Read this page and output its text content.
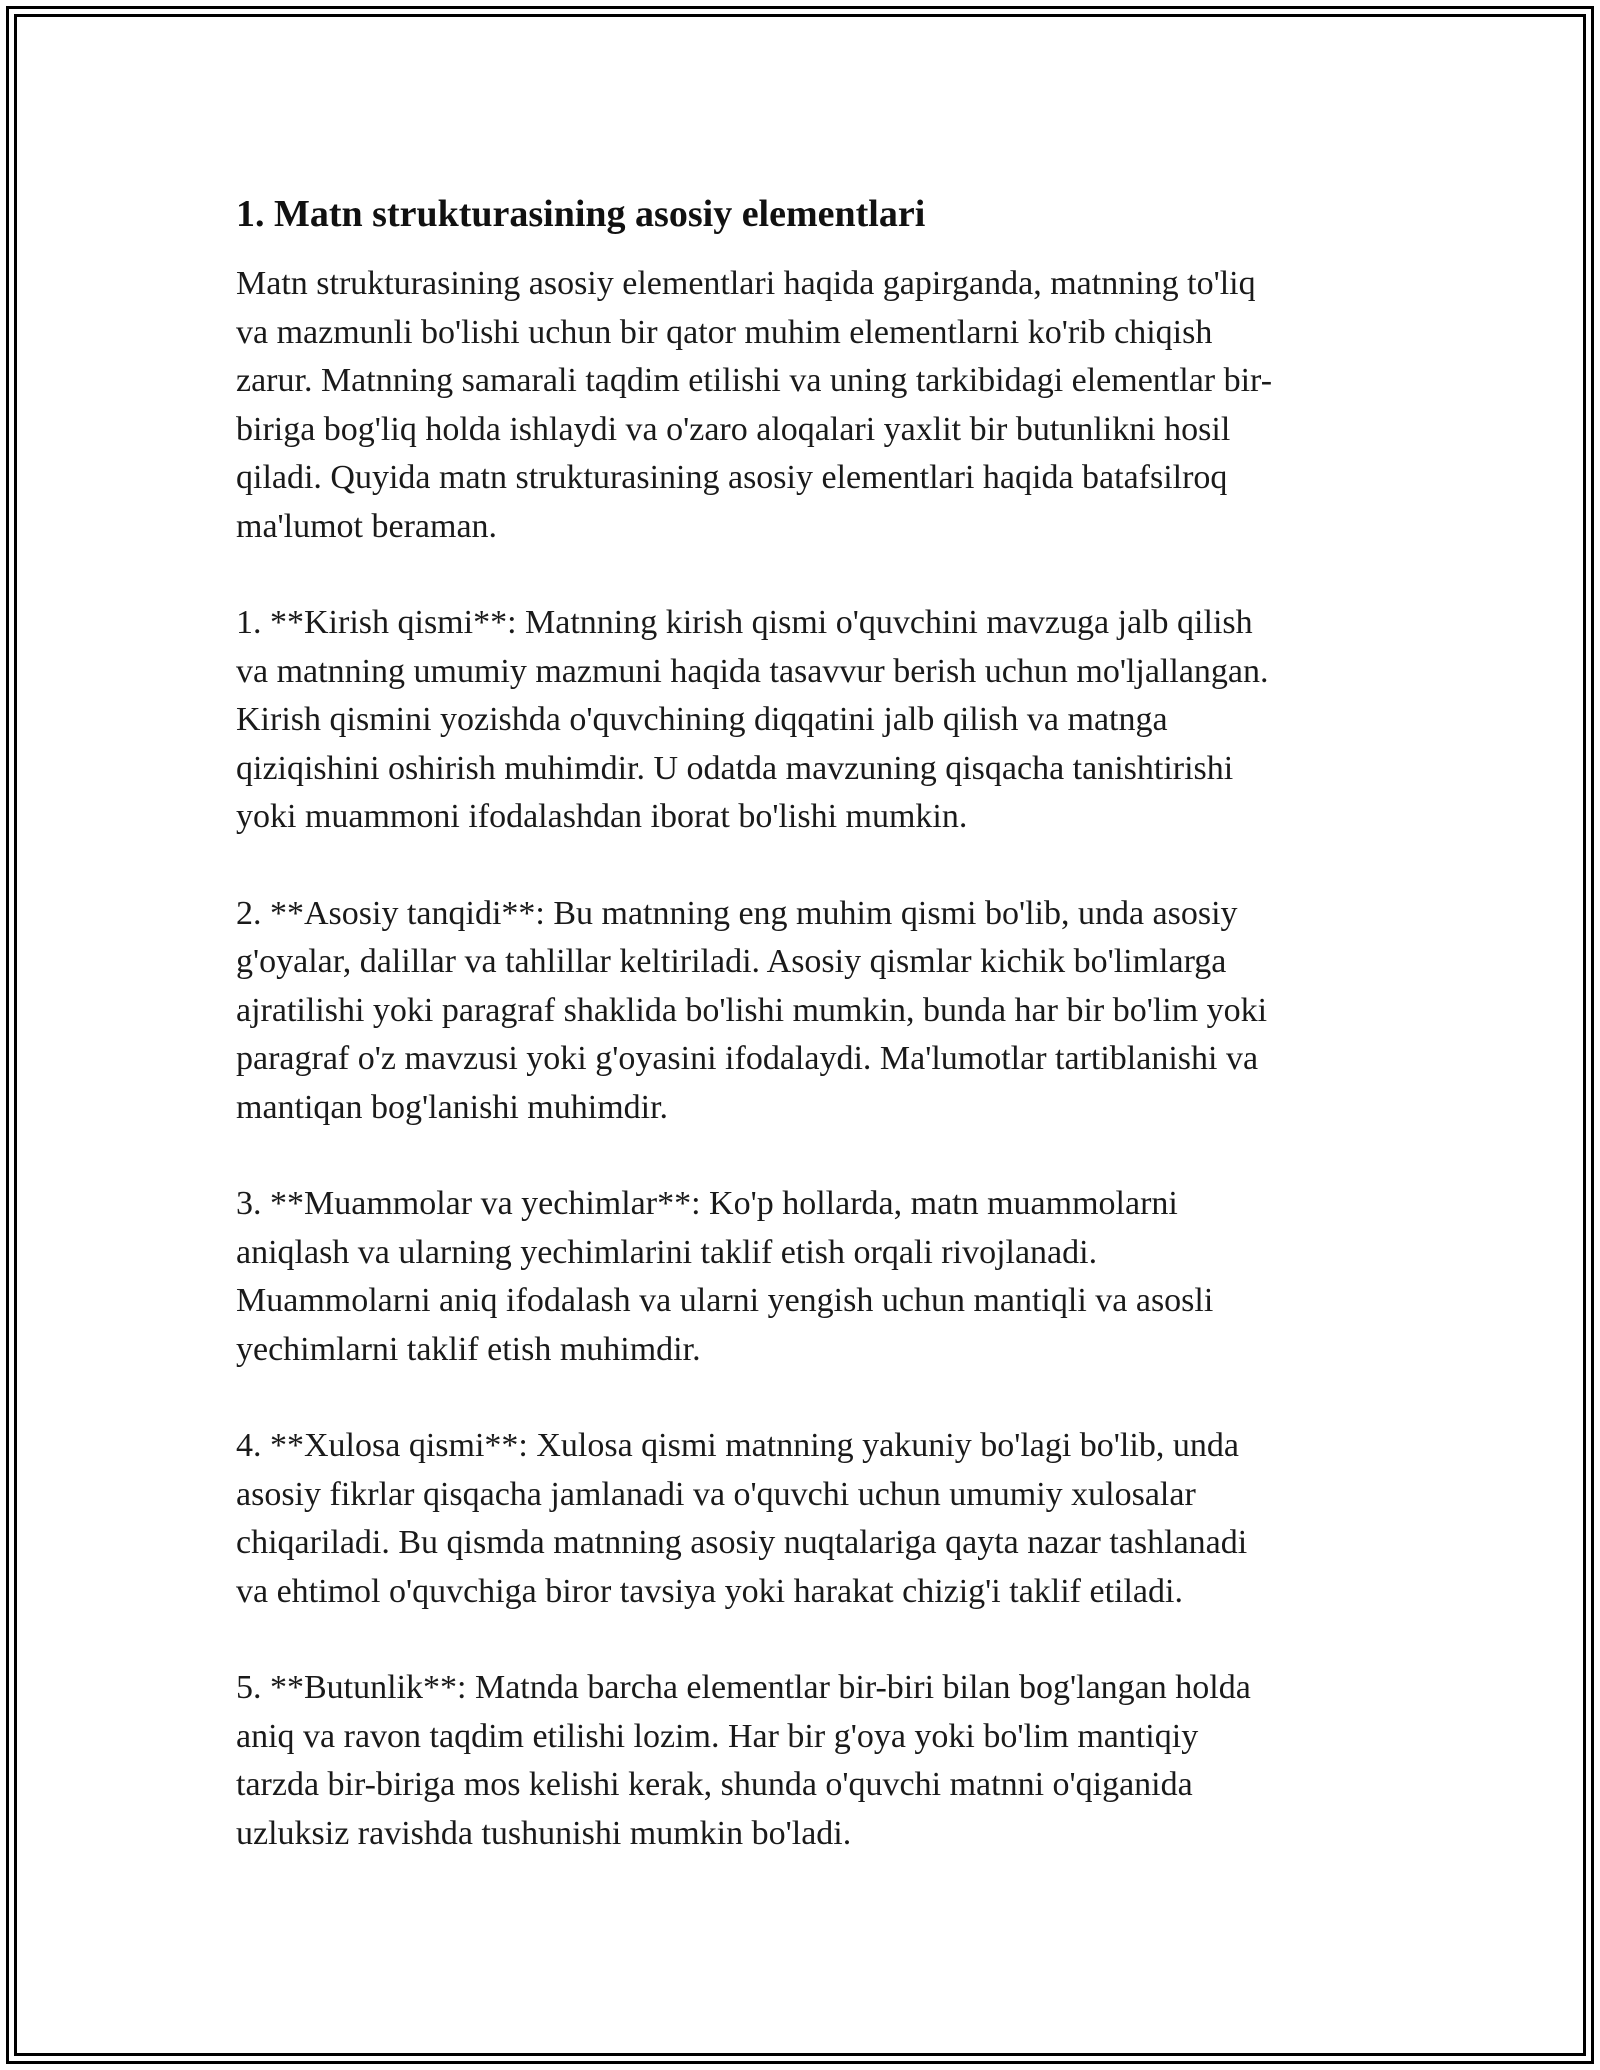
1. Matn strukturasining asosiy elementlari

Matn strukturasining asosiy elementlari haqida gapirganda, matnning to'liq
va mazmunli bo'lishi uchun bir qator muhim elementlarni ko'rib chiqish
zarur. Matnning samarali taqdim etilishi va uning tarkibidagi elementlar bir-
biriga bog'liq holda ishlaydi va o'zaro aloqalari yaxlit bir butunlikni hosil
qiladi. Quyida matn strukturasining asosiy elementlari haqida batafsilroq
ma'lumot beraman.

1. **Kirish qismi**: Matnning kirish qismi o'quvchini mavzuga jalb qilish
va matnning umumiy mazmuni haqida tasavvur berish uchun mo'ljallangan.
Kirish qismini yozishda o'quvchining diqqatini jalb qilish va matnga
qiziqishini oshirish muhimdir. U odatda mavzuning qisqacha tanishtirishi
yoki muammoni ifodalashdan iborat bo'lishi mumkin.

2. **Asosiy tanqidi**: Bu matnning eng muhim qismi bo'lib, unda asosiy
g'oyalar, dalillar va tahlillar keltiriladi. Asosiy qismlar kichik bo'limlarga
ajratilishi yoki paragraf shaklida bo'lishi mumkin, bunda har bir bo'lim yoki
paragraf o'z mavzusi yoki g'oyasini ifodalaydi. Ma'lumotlar tartiblanishi va
mantiqan bog'lanishi muhimdir.

3. **Muammolar va yechimlar**: Ko'p hollarda, matn muammolarni
aniqlash va ularning yechimlarini taklif etish orqali rivojlanadi.
Muammolarni aniq ifodalash va ularni yengish uchun mantiqli va asosli
yechimlarni taklif etish muhimdir.

4. **Xulosa qismi**: Xulosa qismi matnning yakuniy bo'lagi bo'lib, unda
asosiy fikrlar qisqacha jamlanadi va o'quvchi uchun umumiy xulosalar
chiqariladi. Bu qismda matnning asosiy nuqtalariga qayta nazar tashlanadi
va ehtimol o'quvchiga biror tavsiya yoki harakat chizig'i taklif etiladi.

5. **Butunlik**: Matnda barcha elementlar bir-biri bilan bog'langan holda
aniq va ravon taqdim etilishi lozim. Har bir g'oya yoki bo'lim mantiqiy
tarzda bir-biriga mos kelishi kerak, shunda o'quvchi matnni o'qiganida
uzluksiz ravishda tushunishi mumkin bo'ladi.
